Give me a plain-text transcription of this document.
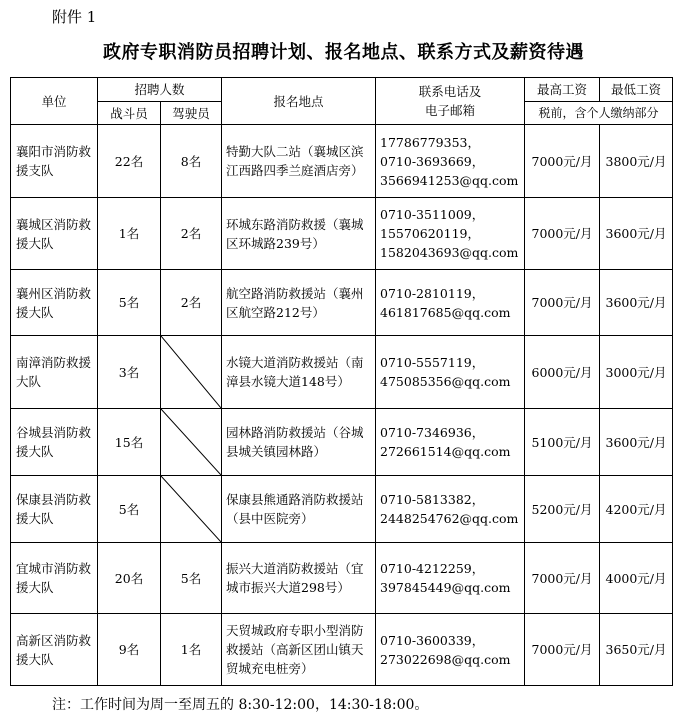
附件 1
政府专职消防员招聘计划、报名地点、联系方式及薪资待遇
单位	招聘人数		报名地点	联系电话及
电子邮箱	最高工资	最低工资
	战斗员	驾驶员			税前，含个人缴纳部分	
襄阳市消防救援支队	22名	8名	特勤大队二站（襄城区滨江西路四季兰庭酒店旁）	17786779353，
0710-3693669，
3566941253@qq.com	7000元/月	3800元/月
襄城区消防救援大队	1名	2名	环城东路消防救援（襄城区环城路239号）	0710-3511009，
15570620119，
1582043693@qq.com	7000元/月	3600元/月
襄州区消防救援大队	5名	2名	航空路消防救援站（襄州区航空路212号）	0710-2810119，
461817685@qq.com	7000元/月	3600元/月
南漳消防救援大队	3名		水镜大道消防救援站（南漳县水镜大道148号）	0710-5557119，
475085356@qq.com	6000元/月	3000元/月
谷城县消防救援大队	15名		园林路消防救援站（谷城县城关镇园林路）	0710-7346936，
272661514@qq.com	5100元/月	3600元/月
保康县消防救援大队	5名		保康县熊通路消防救援站（县中医院旁）	0710-5813382，
2448254762@qq.com	5200元/月	4200元/月
宜城市消防救援大队	20名	5名	振兴大道消防救援站（宜城市振兴大道298号）	0710-4212259，
397845449@qq.com	7000元/月	4000元/月
高新区消防救援大队	9名	1名	天贸城政府专职小型消防救援站（高新区团山镇天贸城充电桩旁）	0710-3600339，
273022698@qq.com	7000元/月	3650元/月
注：工作时间为周一至周五的 8:30-12:00，14:30-18:00。
